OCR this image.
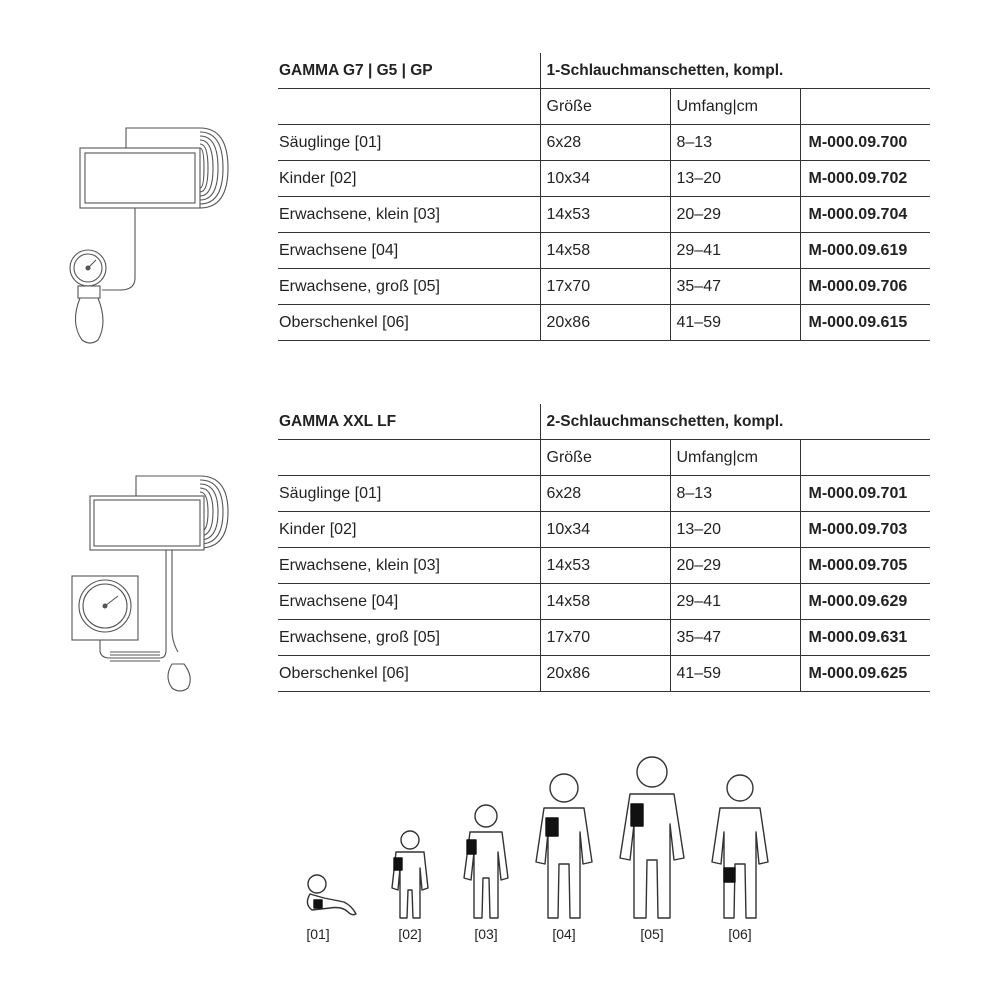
GAMMA G7 | G5 | GP	1-Schlauchmanschetten, kompl.		
	Größe	Umfang|cm	
Säuglinge [01]	6x28	8–13	M-000.09.700
Kinder [02]	10x34	13–20	M-000.09.702
Erwachsene, klein [03]	14x53	20–29	M-000.09.704
Erwachsene [04]	14x58	29–41	M-000.09.619
Erwachsene, groß [05]	17x70	35–47	M-000.09.706
Oberschenkel [06]	20x86	41–59	M-000.09.615
GAMMA XXL LF	2-Schlauchmanschetten, kompl.		
	Größe	Umfang|cm	
Säuglinge [01]	6x28	8–13	M-000.09.701
Kinder [02]	10x34	13–20	M-000.09.703
Erwachsene, klein [03]	14x53	20–29	M-000.09.705
Erwachsene [04]	14x58	29–41	M-000.09.629
Erwachsene, groß [05]	17x70	35–47	M-000.09.631
Oberschenkel [06]	20x86	41–59	M-000.09.625
[01]	[02]	[03]	[04]	[05]	[06]
